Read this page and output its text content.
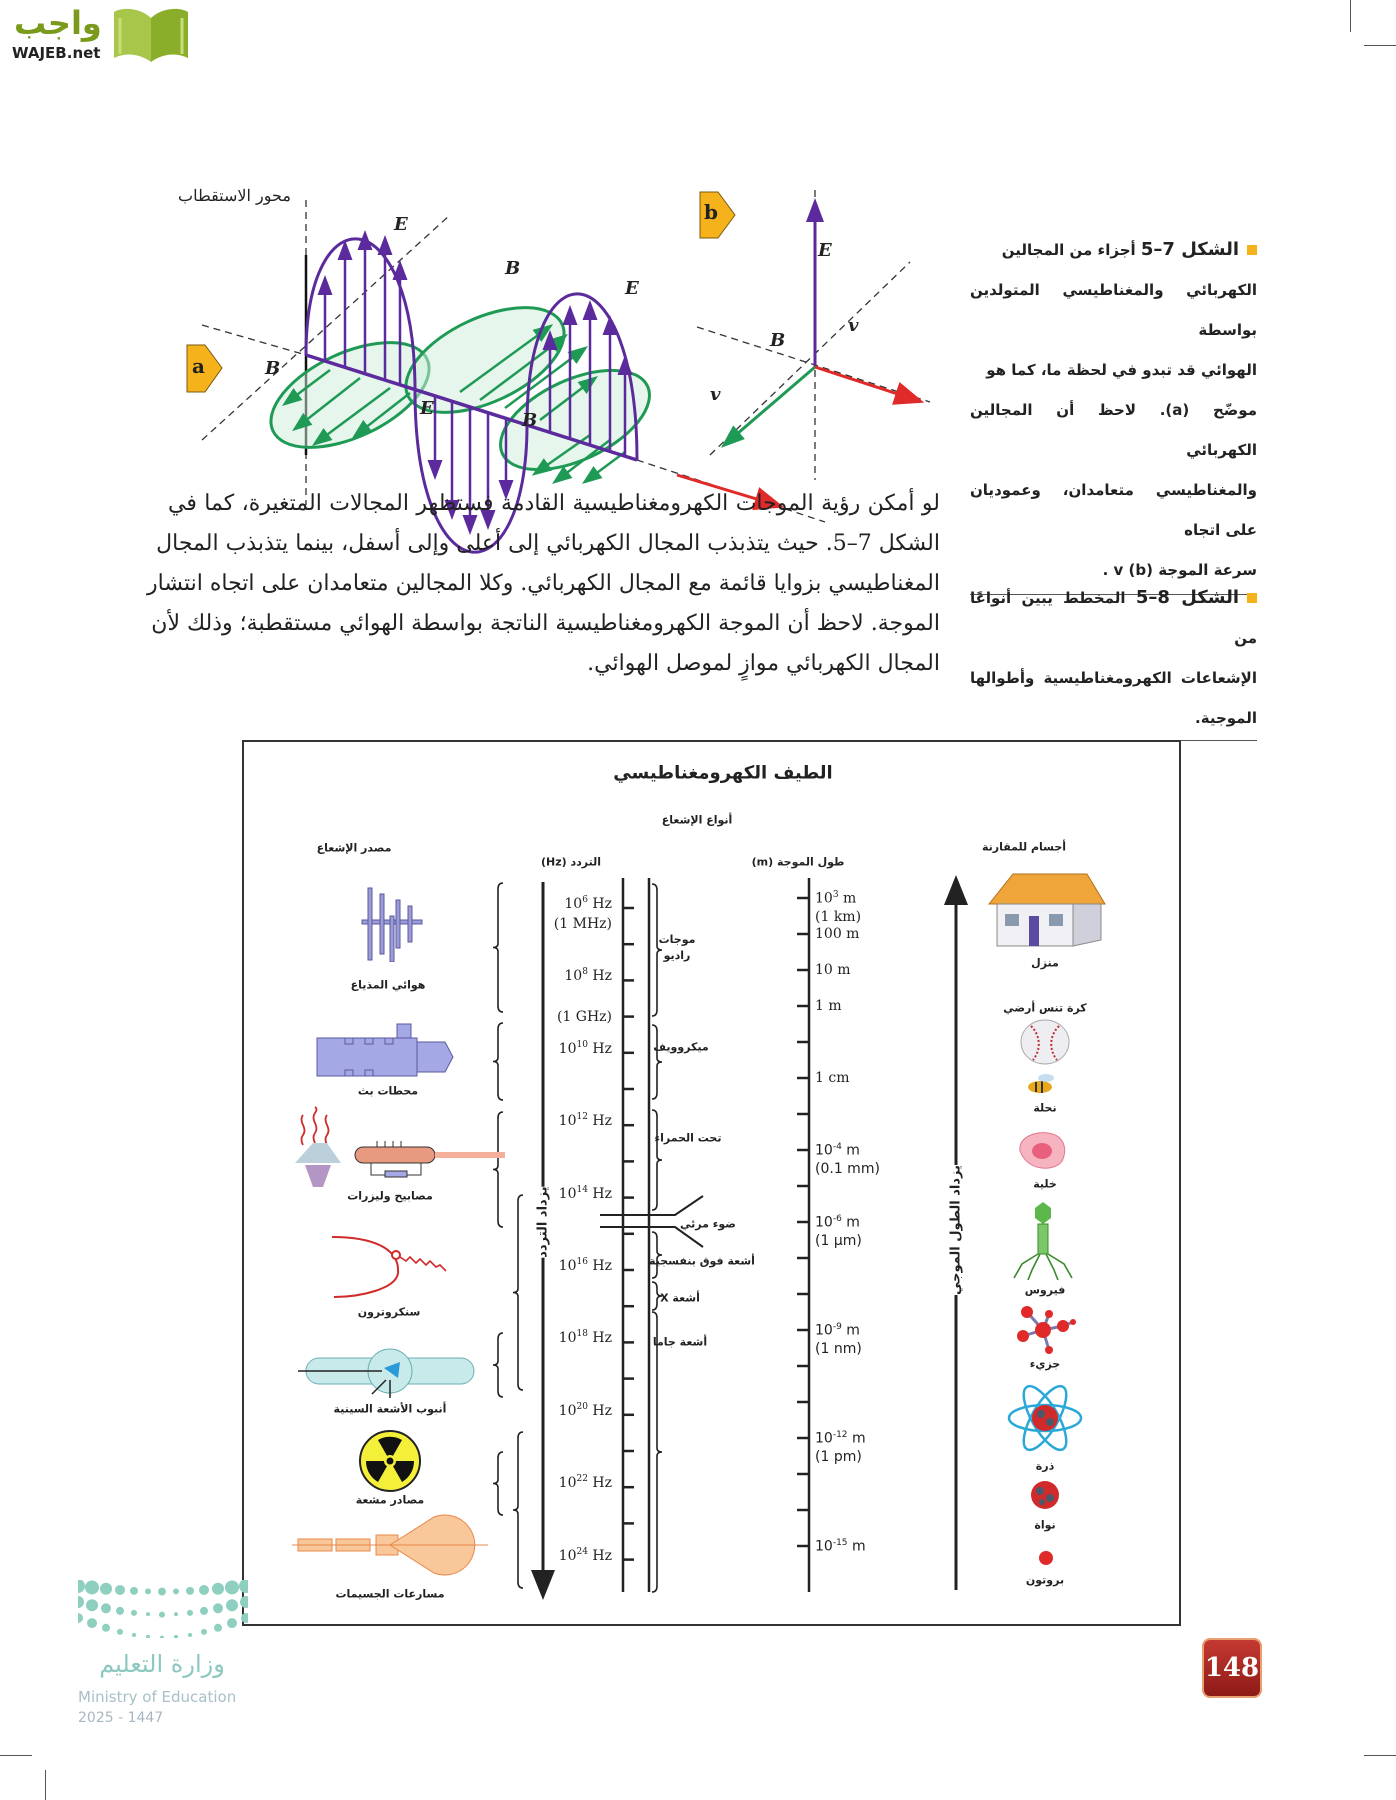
واجب
WAJEB.net
a
b
محور الاستقطاب
E
B
E
B
E
B
v
E
B
v
الشكل 7–5 أجزاء من المجالين
الكهربائي والمغناطيسي المتولدين بواسطة
الهوائي قد تبدو في لحظة ما، كما هو
موضّح (a). لاحظ أن المجالين الكهربائي
والمغناطيسي متعامدان، وعموديان على اتجاه
سرعة الموجة v (b) .
لو أمكن رؤية الموجات الكهرومغناطيسية القادمة فستظهر المجالات المتغيرة، كما في
الشكل 7–5. حيث يتذبذب المجال الكهربائي إلى أعلى وإلى أسفل، بينما يتذبذب المجال
المغناطيسي بزوايا قائمة مع المجال الكهربائي. وكلا المجالين متعامدان على اتجاه انتشار
الموجة. لاحظ أن الموجة الكهرومغناطيسية الناتجة بواسطة الهوائي مستقطبة؛ وذلك لأن
المجال الكهربائي موازٍ لموصل الهوائي.
الشكل 8–5 المخطط يبين أنواعًا من
الإشعاعات الكهرومغناطيسية وأطوالها الموجية.
الطيف الكهرومغناطيسي
مصدر الإشعاع
التردد (Hz)
أنواع الإشعاع
طول الموجة (m)
أجسام للمقارنة
يزداد التردد	يزداد الطول الموجي
$10^6$ Hz
(1 MHz)
$10^8$ Hz
(1 GHz)
$10^{10}$ Hz
$10^{12}$ Hz
$10^{14}$ Hz
$10^{16}$ Hz
$10^{18}$ Hz
$10^{20}$ Hz
$10^{22}$ Hz
$10^{24}$ Hz
$10^3$ m
(1 km)
100 m
10 m
1 m
1 cm
$10^{-4}$ m
(0.1 mm)
$10^{-6}$ m
(1 µm)
$10^{-9}$ m
(1 nm)
$10^{-12}$ m
(1 pm)
$10^{-15}$ m
موجات
راديو
ميكروويف
تحت الحمراء
ضوء مرئي
أشعة فوق بنفسجية
أشعة X
أشعة جاما
هوائي المذياع
محطات بث
مصابيح وليزرات
سنكروترون
أنبوب الأشعة السينية
مصادر مشعة
مسارعات الجسيمات
منزل
كرة تنس أرضي
نحلة
خلية
فيروس
جزيء
ذرة
نواة
بروتون
وزارة التعليم
Ministry of Education
2025 - 1447
148
